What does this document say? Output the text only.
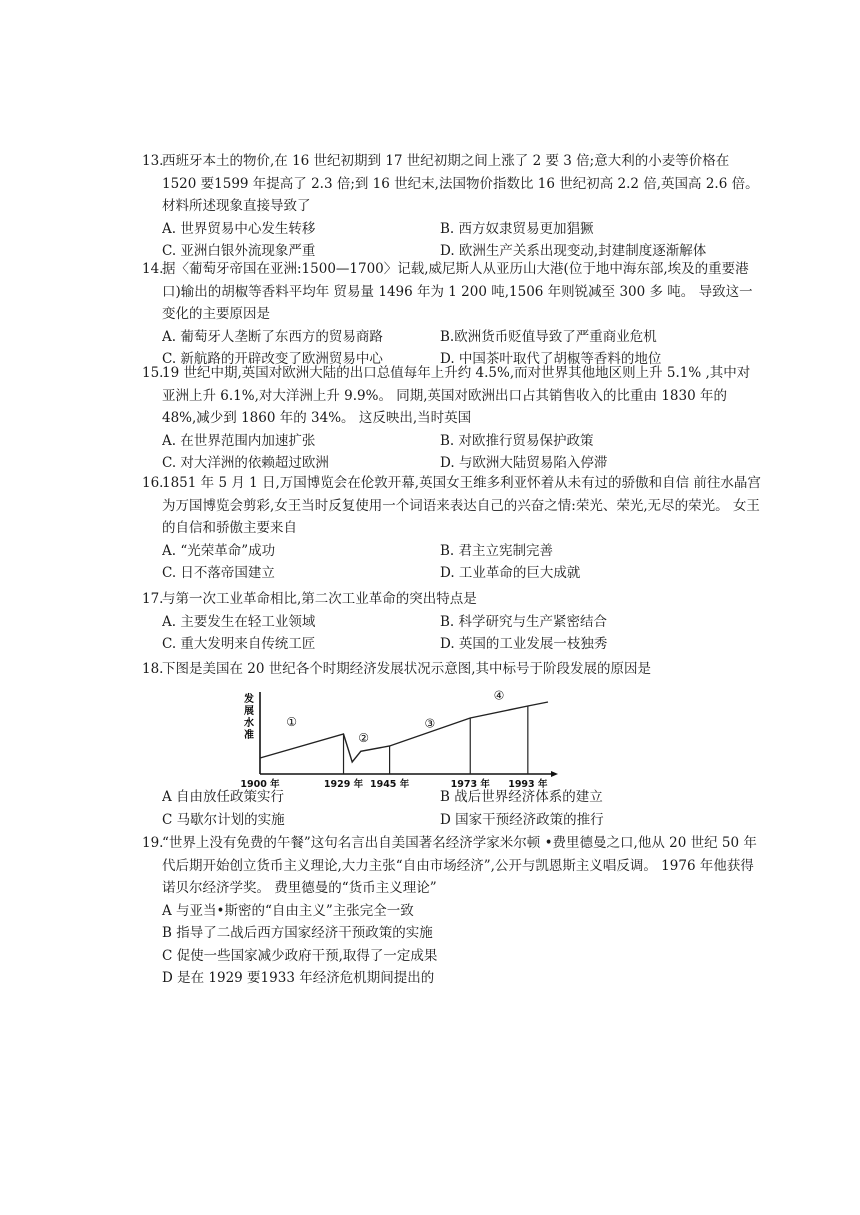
13.西班牙本土的物价,在 16 世纪初期到 17 世纪初期之间上涨了 2 要 3 倍;意大利的小麦等价格在 1520 要1599 年提高了 2.3 倍;到 16 世纪末,法国物价指数比 16 世纪初高 2.2 倍,英国高 2.6 倍。 材料所述现象直接导致了

A. 世界贸易中心发生转移	B. 西方奴隶贸易更加猖獗
C. 亚洲白银外流现象严重	D. 欧洲生产关系出现变动,封建制度逐渐解体

14.据〈葡萄牙帝国在亚洲:1500—1700〉记载,威尼斯人从亚历山大港(位于地中海东部,埃及的重要港口)输出的胡椒等香料平均年 贸易量 1496 年为 1 200 吨,1506 年则锐减至 300 多 吨。 导致这一变化的主要原因是

A. 葡萄牙人垄断了东西方的贸易商路	B.欧洲货币贬值导致了严重商业危机
C. 新航路的开辟改变了欧洲贸易中心	D. 中国茶叶取代了胡椒等香料的地位

15.19 世纪中期,英国对欧洲大陆的出口总值每年上升约 4.5%,而对世界其他地区则上升 5.1% ,其中对亚洲上升 6.1%,对大洋洲上升 9.9%。 同期,英国对欧洲出口占其销售收入的比重由 1830 年的 48%,减少到 1860 年的 34%。 这反映出,当时英国

A. 在世界范围内加速扩张	B. 对欧推行贸易保护政策
C. 对大洋洲的依赖超过欧洲	D. 与欧洲大陆贸易陷入停滞

16.1851 年 5 月 1 日,万国博览会在伦敦开幕,英国女王维多利亚怀着从未有过的骄傲和自信 前往水晶宫为万国博览会剪彩,女王当时反复使用一个词语来表达自己的兴奋之情:荣光、荣光,无尽的荣光。 女王的自信和骄傲主要来自

A. “光荣革命”成功	B. 君主立宪制完善
C. 日不落帝国建立	D. 工业革命的巨大成就

17.与第一次工业革命相比,第二次工业革命的突出特点是

A. 主要发生在轻工业领域	B. 科学研究与生产紧密结合
C. 重大发明来自传统工匠	D. 英国的工业发展一枝独秀

18.下图是美国在 20 世纪各个时期经济发展状况示意图,其中标号于阶段发展的原因是

发
展
水
准
1900 年	1929 年 1945 年	1973 年 1993 年
①
②
③
④
A 自由放任政策实行	B 战后世界经济体系的建立
C 马歇尔计划的实施	D 国家干预经济政策的推行

19.“世界上没有免费的午餐”这句名言出自美国著名经济学家米尔顿 •费里德曼之口,他从 20 世纪 50 年代后期开始创立货币主义理论,大力主张“自由市场经济”,公开与凯恩斯主义唱反调。 1976 年他获得诺贝尔经济学奖。 费里德曼的“货币主义理论”

A 与亚当•斯密的“自由主义”主张完全一致
B 指导了二战后西方国家经济干预政策的实施
C 促使一些国家减少政府干预,取得了一定成果
D 是在 1929 要1933 年经济危机期间提出的
